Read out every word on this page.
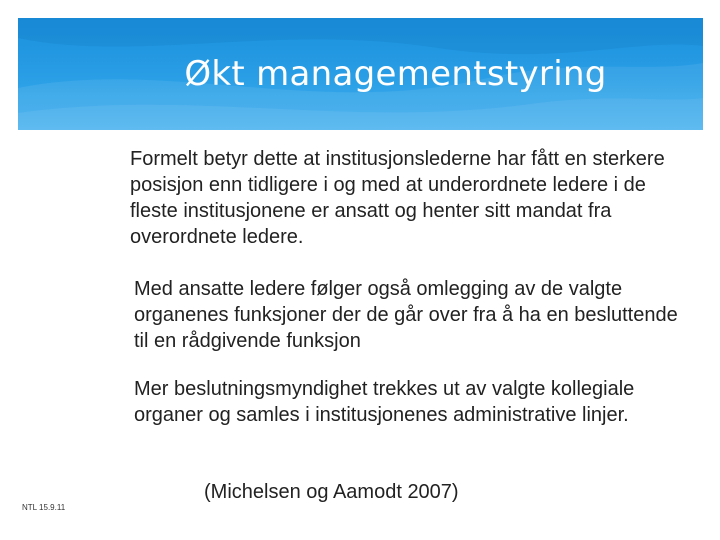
Økt managementstyring

Formelt betyr dette at institusjonslederne har fått en sterkere posisjon enn tidligere i og med at underordnete ledere i de fleste institusjonene er ansatt og henter sitt mandat fra overordnete ledere.

Med ansatte ledere følger også omlegging av de valgte organenes funksjoner der de går over fra å ha en besluttende til en rådgivende funksjon

Mer beslutningsmyndighet trekkes ut av valgte kollegiale organer og samles i institusjonenes administrative linjer.

(Michelsen og Aamodt 2007)
NTL 15.9.11
